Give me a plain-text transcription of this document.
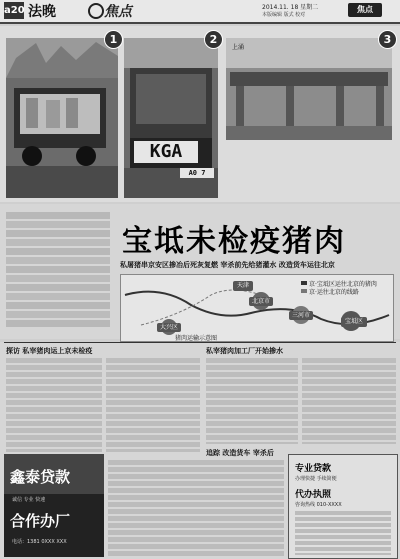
a20 法晚	焦点	2014.11. 18 星期二
本版编辑 版式 校对
焦点
KGA
A0 7
上涌
1	2	3
宝坻未检疫猪肉
私屠猪串京安区掺冶后死灰复燃 宰杀前先给猪灌水 改造货车运往北京
天津
宝坻区
北京市
三河市
大兴区
京·宝坻区运往北京的猪肉
京·运往北京的线路
猪肉运输示意图
探访 私宰猪肉运上京未检疫	私宰猪肉加工厂开始掺水
追踪 改造货车 宰杀后
鑫泰贷款
诚信 专业 快速
合作办厂
电话：1381 0XXX XXX
专业贷款
办理快捷 手续简便
代办执照
咨询热线 010-XXXX
